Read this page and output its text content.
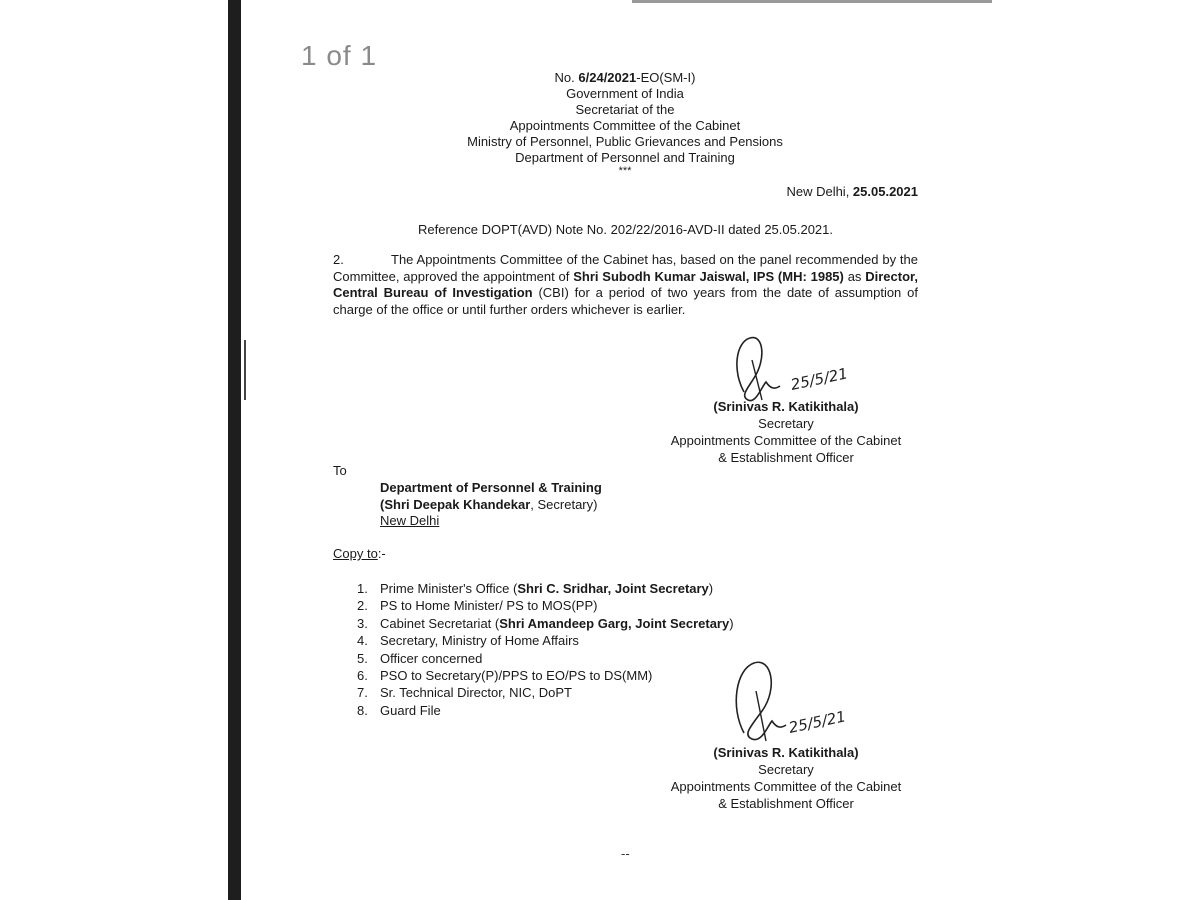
1 of 1
No. 6/24/2021-EO(SM-I)
Government of India
Secretariat of the
Appointments Committee of the Cabinet
Ministry of Personnel, Public Grievances and Pensions
Department of Personnel and Training
***
New Delhi, 25.05.2021
Reference DOPT(AVD) Note No. 202/22/2016-AVD-II dated 25.05.2021.
2.	The Appointments Committee of the Cabinet has, based on the panel recommended by the Committee, approved the appointment of Shri Subodh Kumar Jaiswal, IPS (MH: 1985) as Director, Central Bureau of Investigation (CBI) for a period of two years from the date of assumption of charge of the office or until further orders whichever is earlier.
25/5/21
(Srinivas R. Katikithala)
Secretary
Appointments Committee of the Cabinet
& Establishment Officer
To
Department of Personnel & Training
(Shri Deepak Khandekar, Secretary)
New Delhi
Copy to:-
1. Prime Minister's Office (Shri C. Sridhar, Joint Secretary)
2. PS to Home Minister/ PS to MOS(PP)
3. Cabinet Secretariat (Shri Amandeep Garg, Joint Secretary)
4. Secretary, Ministry of Home Affairs
5. Officer concerned
6. PSO to Secretary(P)/PPS to EO/PS to DS(MM)
7. Sr. Technical Director, NIC, DoPT
8. Guard File	25/5/21
(Srinivas R. Katikithala)
Secretary
Appointments Committee of the Cabinet
& Establishment Officer
--
